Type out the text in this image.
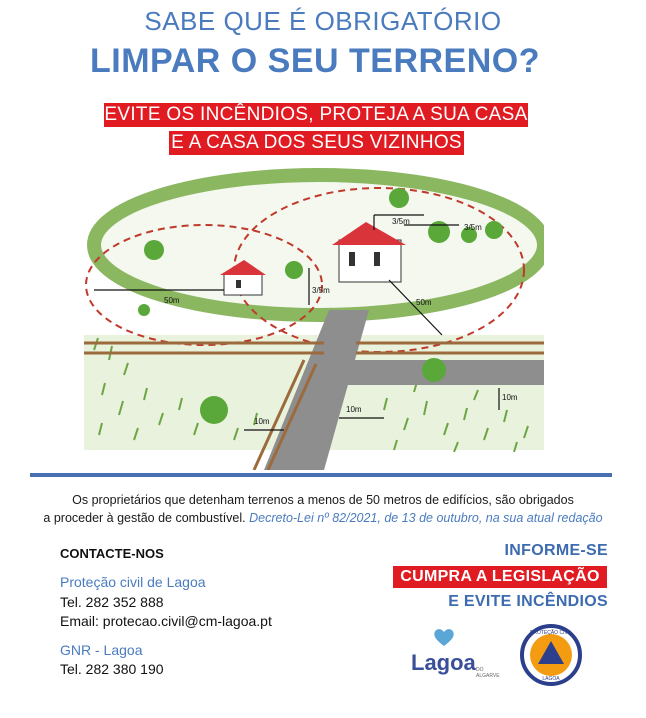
SABE QUE É OBRIGATÓRIO
LIMPAR O SEU TERRENO?
EVITE OS INCÊNDIOS, PROTEJA A SUA CASA
E A CASA DOS SEUS VIZINHOS
50m
3/5m
3/5m
3/5m
50m
10m
10m
10m
Os proprietários que detenham terrenos a menos de 50 metros de edifícios, são obrigados
a proceder à gestão de combustível. Decreto-Lei nº 82/2021, de 13 de outubro, na sua atual redação
CONTACTE-NOS
Proteção civil de Lagoa
Tel. 282 352 888
Email: protecao.civil@cm-lagoa.pt
GNR - Lagoa
Tel. 282 380 190
INFORME-SE
CUMPRA A LEGISLAÇÃO
E EVITE INCÊNDIOS
Lagoa DO ALGARVE
PROTEÇÃO CIVIL
LAGOA
